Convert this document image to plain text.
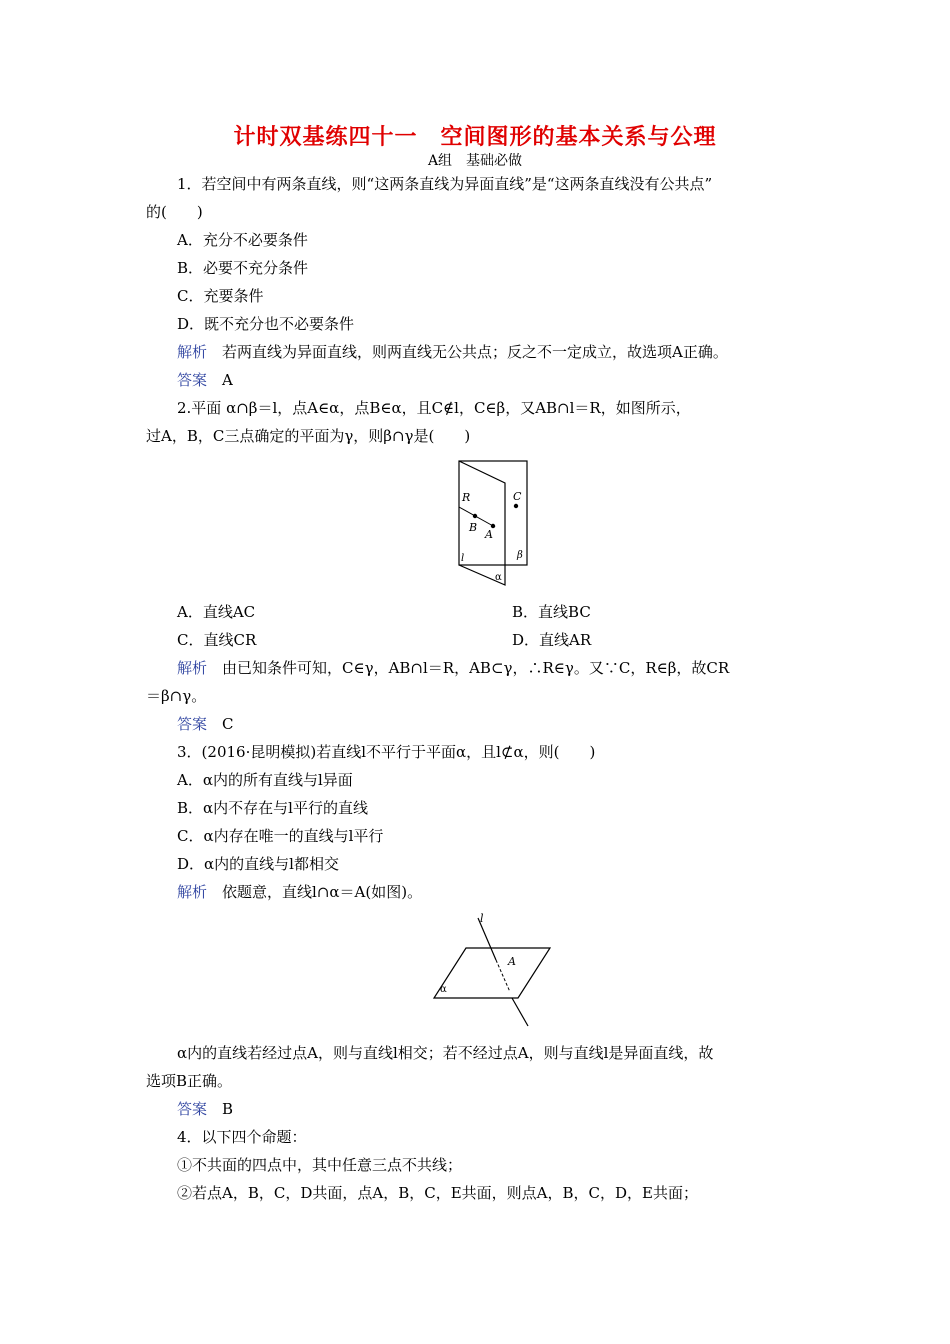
计时双基练四十一　空间图形的基本关系与公理
A组　基础必做
1．若空间中有两条直线，则“这两条直线为异面直线”是“这两条直线没有公共点”
的(　　)
A．充分不必要条件
B．必要不充分条件
C．充要条件
D．既不充分也不必要条件
解析　 若两直线为异面直线，则两直线无公共点；反之不一定成立，故选项A正确。
答案　 A
2.平面 α∩β＝l，点A∈α，点B∈α，且C∉l，C∈β，又AB∩l＝R，如图所示，
过A，B，C三点确定的平面为γ，则β∩γ是(　　)
R
B
A
C
l	β
α
A．直线AC	B．直线BC
C．直线CR	D．直线AR
解析　 由已知条件可知，C∈γ，AB∩l＝R，AB⊂γ，∴R∈γ。又∵C，R∈β，故CR
＝β∩γ。
答案　 C
3．(2016·昆明模拟)若直线l不平行于平面α，且l⊄α，则(　　)
A．α内的所有直线与l异面
B．α内不存在与l平行的直线
C．α内存在唯一的直线与l平行
D．α内的直线与l都相交
解析　 依题意，直线l∩α＝A(如图)。
l
A
α
α内的直线若经过点A，则与直线l相交；若不经过点A，则与直线l是异面直线，故
选项B正确。
答案　 B
4．以下四个命题：
①不共面的四点中，其中任意三点不共线；
②若点A，B，C，D共面，点A，B，C，E共面，则点A，B，C，D，E共面；
